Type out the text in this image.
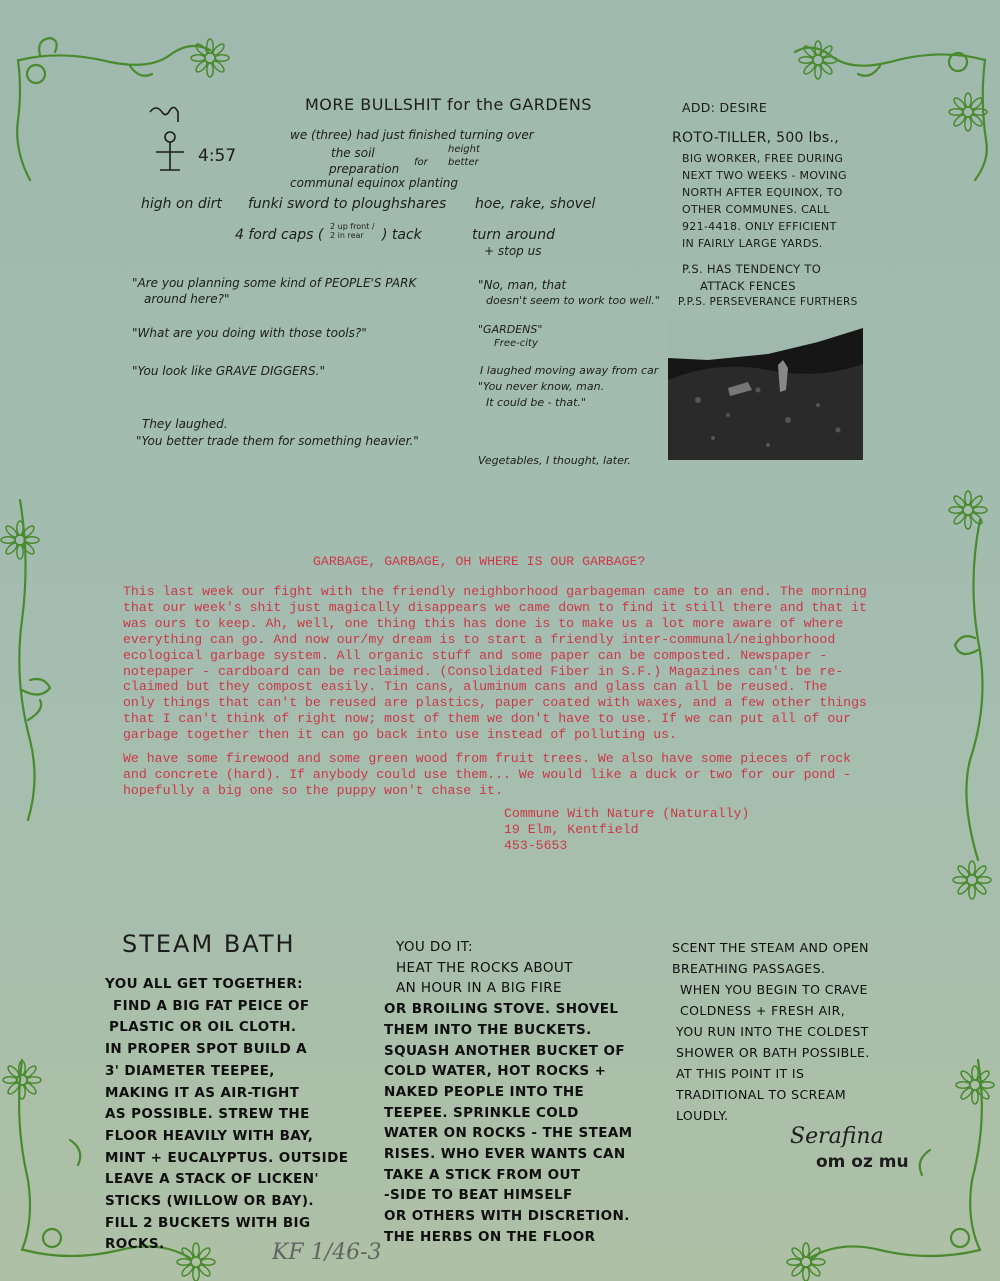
MORE BULLSHIT for the GARDENS
4:57
we (three) had just finished turning over
the soil	height
preparation for better
communal equinox planting
high on dirt funki sword to ploughshares hoe, rake, shovel
4 ford caps (
2 up front / 2 in rear	) tack	turn around
+ stop us
"Are you planning some kind of PEOPLE'S PARK
around here?"
"What are you doing with those tools?"
"You look like GRAVE DIGGERS."
They laughed.
"You better trade them for something heavier."
"No, man, that
doesn't seem to work too well."
"GARDENS"
Free-city
I laughed moving away from car
"You never know, man.
It could be - that."
Vegetables, I thought, later.
ADD: DESIRE
ROTO-TILLER, 500 lbs.,
BIG WORKER, FREE DURING
NEXT TWO WEEKS - MOVING
NORTH AFTER EQUINOX, TO
OTHER COMMUNES. CALL
921-4418. ONLY EFFICIENT
IN FAIRLY LARGE YARDS.
P.S. HAS TENDENCY TO
ATTACK FENCES
P.P.S. PERSEVERANCE FURTHERS
GARBAGE, GARBAGE, OH WHERE IS OUR GARBAGE?
This last week our fight with the friendly neighborhood garbageman came to an end. The morning
that our week's shit just magically disappears we came down to find it still there and that it
was ours to keep. Ah, well, one thing this has done is to make us a lot more aware of where
everything can go. And now our/my dream is to start a friendly inter-communal/neighborhood
ecological garbage system. All organic stuff and some paper can be composted. Newspaper -
notepaper - cardboard can be reclaimed. (Consolidated Fiber in S.F.) Magazines can't be re-
claimed but they compost easily. Tin cans, aluminum cans and glass can all be reused. The
only things that can't be reused are plastics, paper coated with waxes, and a few other things
that I can't think of right now; most of them we don't have to use. If we can put all of our
garbage together then it can go back into use instead of polluting us.
We have some firewood and some green wood from fruit trees. We also have some pieces of rock
and concrete (hard). If anybody could use them... We would like a duck or two for our pond -
hopefully a big one so the puppy won't chase it.
Commune With Nature (Naturally)
19 Elm, Kentfield
453-5653
STEAM BATH
YOU ALL GET TOGETHER:
FIND A BIG FAT PEICE OF
PLASTIC OR OIL CLOTH.
IN PROPER SPOT BUILD A
3' DIAMETER TEEPEE,
MAKING IT AS AIR-TIGHT
AS POSSIBLE. STREW THE
FLOOR HEAVILY WITH BAY,
MINT + EUCALYPTUS. OUTSIDE
LEAVE A STACK OF LICKEN'
STICKS (WILLOW OR BAY).
FILL 2 BUCKETS WITH BIG
ROCKS.
YOU DO IT:
HEAT THE ROCKS ABOUT
AN HOUR IN A BIG FIRE
OR BROILING STOVE. SHOVEL
THEM INTO THE BUCKETS.
SQUASH ANOTHER BUCKET OF
COLD WATER, HOT ROCKS +
NAKED PEOPLE INTO THE
TEEPEE. SPRINKLE COLD
WATER ON ROCKS - THE STEAM
RISES. WHO EVER WANTS CAN
TAKE A STICK FROM OUT
-SIDE TO BEAT HIMSELF
OR OTHERS WITH DISCRETION.
THE HERBS ON THE FLOOR
SCENT THE STEAM AND OPEN
BREATHING PASSAGES.
WHEN YOU BEGIN TO CRAVE
COLDNESS + FRESH AIR,
YOU RUN INTO THE COLDEST
SHOWER OR BATH POSSIBLE.
AT THIS POINT IT IS
TRADITIONAL TO SCREAM
LOUDLY.
Serafina
om oz mu
KF 1/46-3
